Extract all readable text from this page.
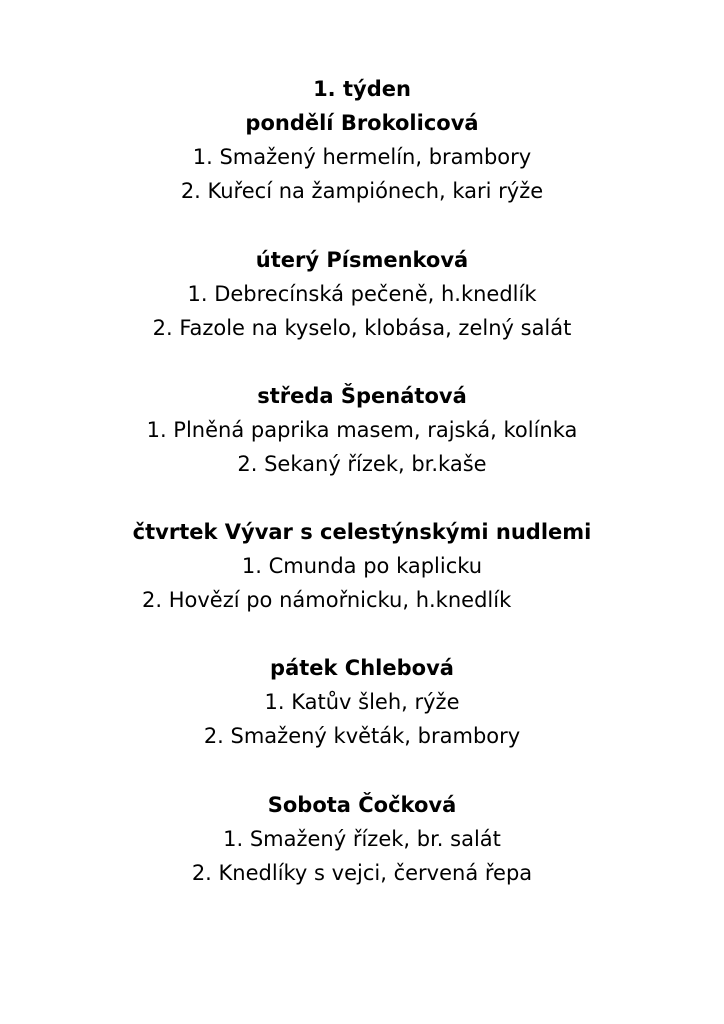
1. týden
pondělí Brokolicová
1. Smažený hermelín, brambory
2. Kuřecí na žampiónech, kari rýže
úterý Písmenková
1. Debrecínská pečeně, h.knedlík
2. Fazole na kyselo, klobása, zelný salát
středa Špenátová
1. Plněná paprika masem, rajská, kolínka
2. Sekaný řízek, br.kaše
čtvrtek Vývar s celestýnskými nudlemi
1. Cmunda po kaplicku
2. Hovězí po námořnicku, h.knedlík
pátek Chlebová
1. Katův šleh, rýže
2. Smažený květák, brambory
Sobota Čočková
1. Smažený řízek, br. salát
2. Knedlíky s vejci, červená řepa
